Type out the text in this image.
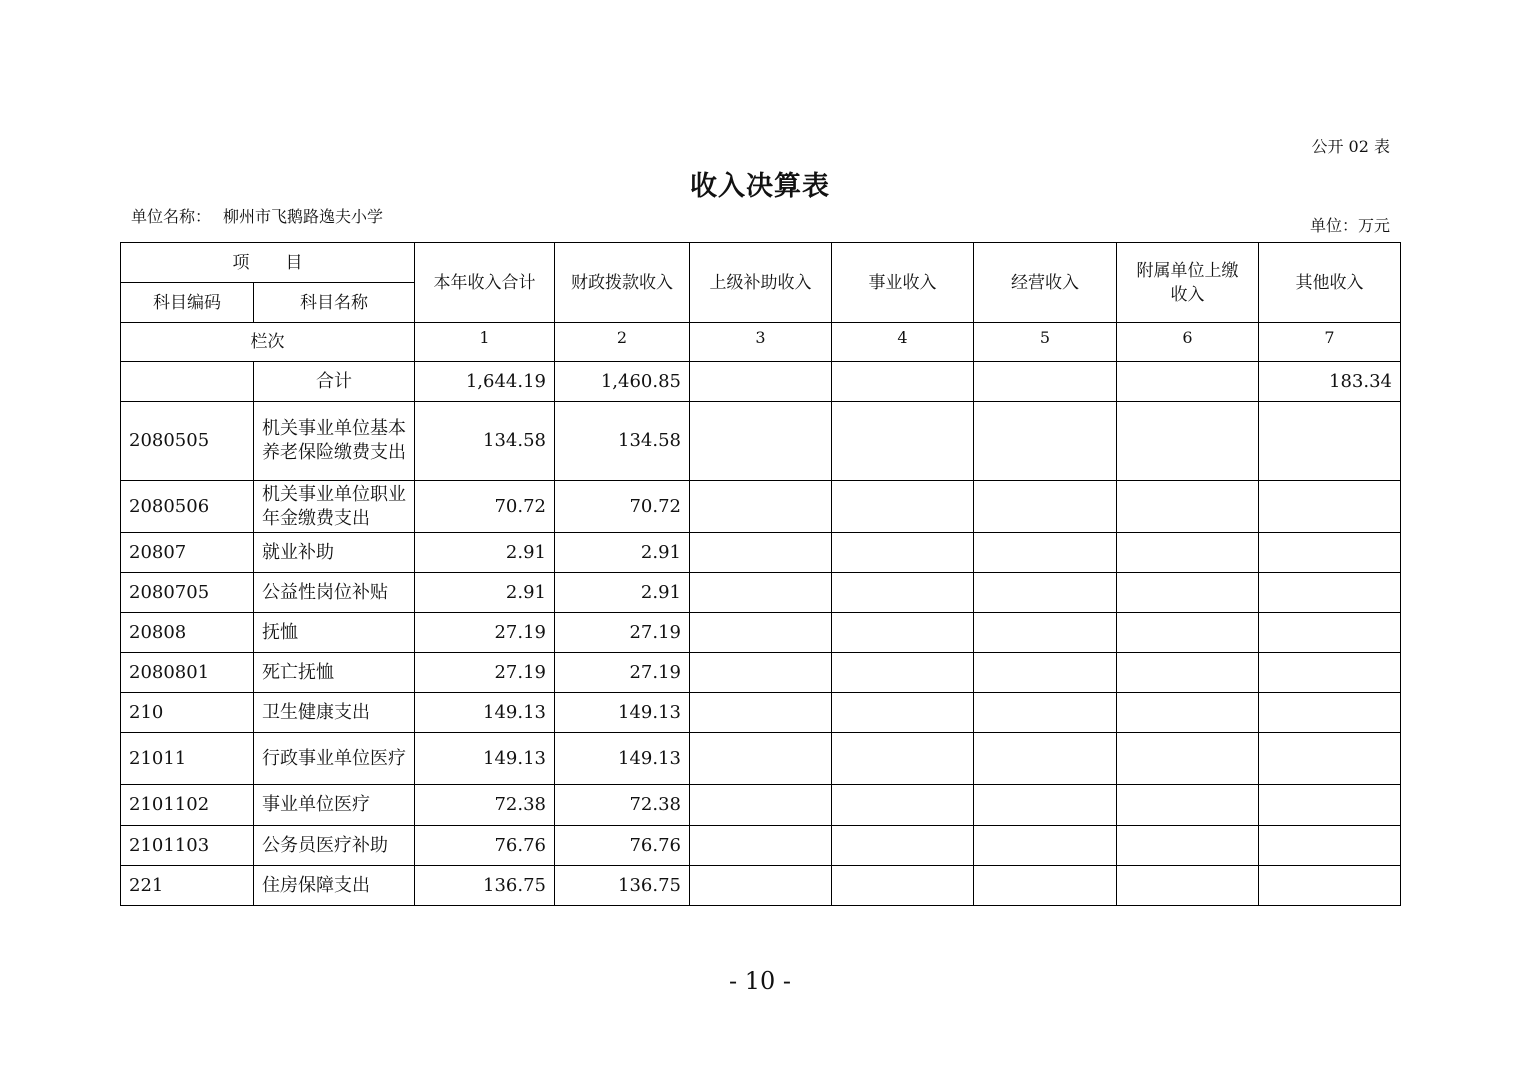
公开 02 表
收入决算表
单位名称： 柳州市飞鹅路逸夫小学	单位：万元
项 目		本年收入合计	财政拨款收入	上级补助收入	事业收入	经营收入	附属单位上缴收入	其他收入
科目编码	科目名称							
栏次		1	2	3	4	5	6	7
	合计	1,644.19	1,460.85					183.34
2080505	机关事业单位基本养老保险缴费支出	134.58	134.58					
2080506	机关事业单位职业年金缴费支出	70.72	70.72					
20807	就业补助	2.91	2.91					
2080705	公益性岗位补贴	2.91	2.91					
20808	抚恤	27.19	27.19					
2080801	死亡抚恤	27.19	27.19					
210	卫生健康支出	149.13	149.13					
21011	行政事业单位医疗	149.13	149.13					
2101102	事业单位医疗	72.38	72.38					
2101103	公务员医疗补助	76.76	76.76					
221	住房保障支出	136.75	136.75					
- 10 -
